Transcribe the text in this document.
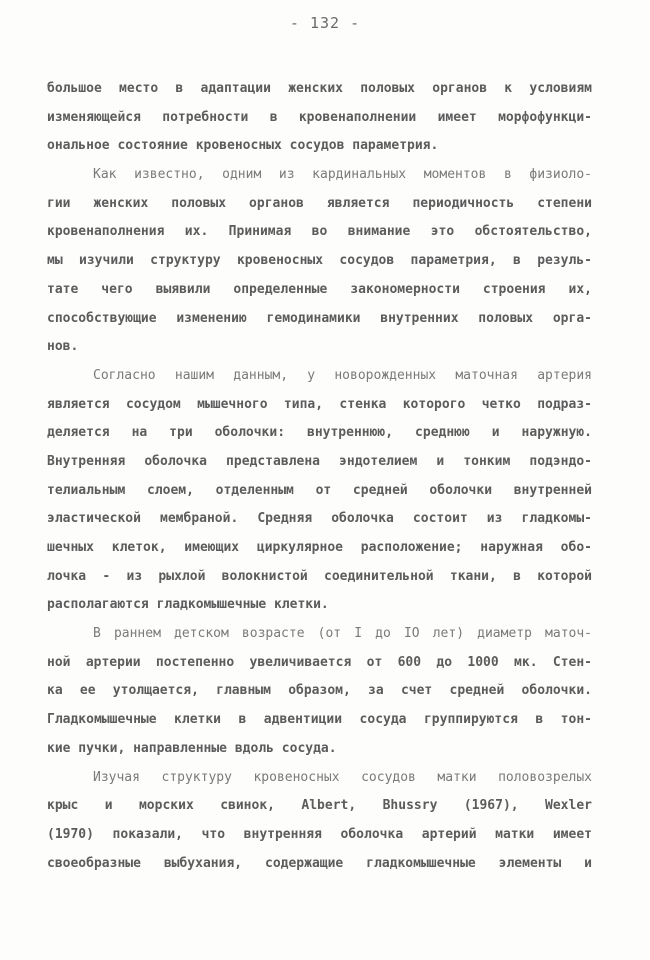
- 132 -
большое место в адаптации женских половых органов к условиям
изменяющейся потребности в кровенаполнении имеет морфофункци-
ональное состояние кровеносных сосудов параметрия.
Как известно, одним из кардинальных моментов в физиоло-
гии женских половых органов является периодичность степени
кровенаполнения их. Принимая во внимание это обстоятельство,
мы изучили структуру кровеносных сосудов параметрия, в резуль-
тате чего выявили определенные закономерности строения их,
способствующие изменению гемодинамики внутренних половых орга-
нов.
Согласно нашим данным, у новорожденных маточная артерия
является сосудом мышечного типа, стенка которого четко подраз-
деляется на три оболочки: внутреннюю, среднюю и наружную.
Внутренняя оболочка представлена эндотелием и тонким подэндо-
телиальным слоем, отделенным от средней оболочки внутренней
эластической мембраной. Средняя оболочка состоит из гладкомы-
шечных клеток, имеющих циркулярное расположение; наружная обо-
лочка - из рыхлой волокнистой соединительной ткани, в которой
располагаются гладкомышечные клетки.
В раннем детском возрасте (от I до IO лет) диаметр маточ-
ной артерии постепенно увеличивается от 600 до 1000 мк. Стен-
ка ее утолщается, главным образом, за счет средней оболочки.
Гладкомышечные клетки в адвентиции сосуда группируются в тон-
кие пучки, направленные вдоль сосуда.
Изучая структуру кровеносных сосудов матки половозрелых
крыс и морских свинок, Albert, Bhussry (1967), Wexler
(1970) показали, что внутренняя оболочка артерий матки имеет
своеобразные выбухания, содержащие гладкомышечные элементы и
